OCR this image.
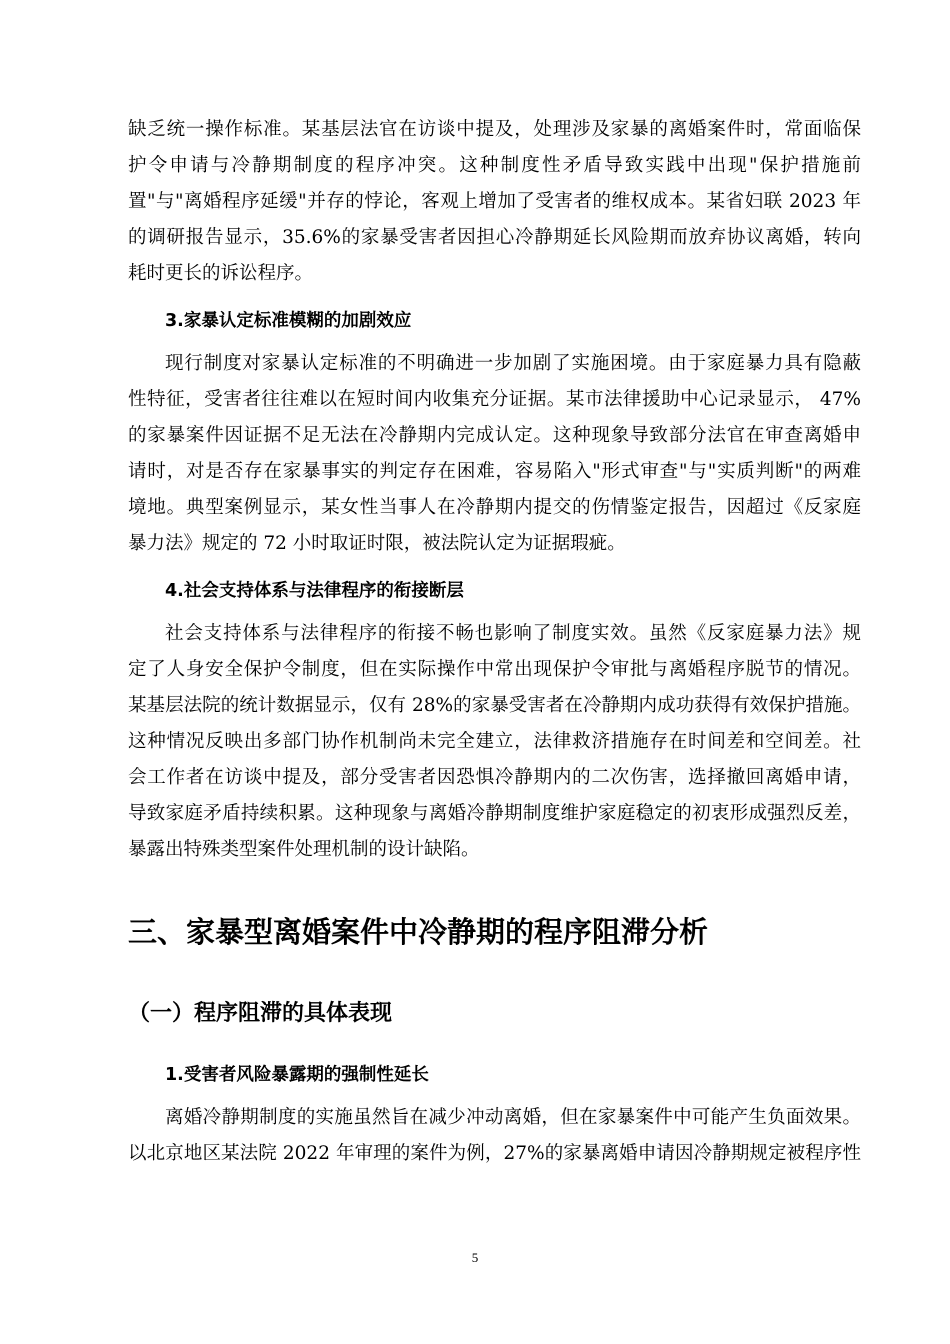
缺乏统一操作标准。某基层法官在访谈中提及，处理涉及家暴的离婚案件时，常面临保
护令申请与冷静期制度的程序冲突。这种制度性矛盾导致实践中出现"保护措施前
置"与"离婚程序延缓"并存的悖论，客观上增加了受害者的维权成本。某省妇联 2023 年
的调研报告显示，35.6%的家暴受害者因担心冷静期延长风险期而放弃协议离婚，转向
耗时更长的诉讼程序。

3.家暴认定标准模糊的加剧效应

现行制度对家暴认定标准的不明确进一步加剧了实施困境。由于家庭暴力具有隐蔽
性特征，受害者往往难以在短时间内收集充分证据。某市法律援助中心记录显示， 47%
的家暴案件因证据不足无法在冷静期内完成认定。这种现象导致部分法官在审查离婚申
请时，对是否存在家暴事实的判定存在困难，容易陷入"形式审查"与"实质判断"的两难
境地。典型案例显示，某女性当事人在冷静期内提交的伤情鉴定报告，因超过《反家庭
暴力法》规定的 72 小时取证时限，被法院认定为证据瑕疵。

4.社会支持体系与法律程序的衔接断层

社会支持体系与法律程序的衔接不畅也影响了制度实效。虽然《反家庭暴力法》规
定了人身安全保护令制度，但在实际操作中常出现保护令审批与离婚程序脱节的情况。
某基层法院的统计数据显示，仅有 28%的家暴受害者在冷静期内成功获得有效保护措施。
这种情况反映出多部门协作机制尚未完全建立，法律救济措施存在时间差和空间差。社
会工作者在访谈中提及，部分受害者因恐惧冷静期内的二次伤害，选择撤回离婚申请，
导致家庭矛盾持续积累。这种现象与离婚冷静期制度维护家庭稳定的初衷形成强烈反差，
暴露出特殊类型案件处理机制的设计缺陷。

三、家暴型离婚案件中冷静期的程序阻滞分析
（一）程序阻滞的具体表现
1.受害者风险暴露期的强制性延长

离婚冷静期制度的实施虽然旨在减少冲动离婚，但在家暴案件中可能产生负面效果。
以北京地区某法院 2022 年审理的案件为例，27%的家暴离婚申请因冷静期规定被程序性

5
